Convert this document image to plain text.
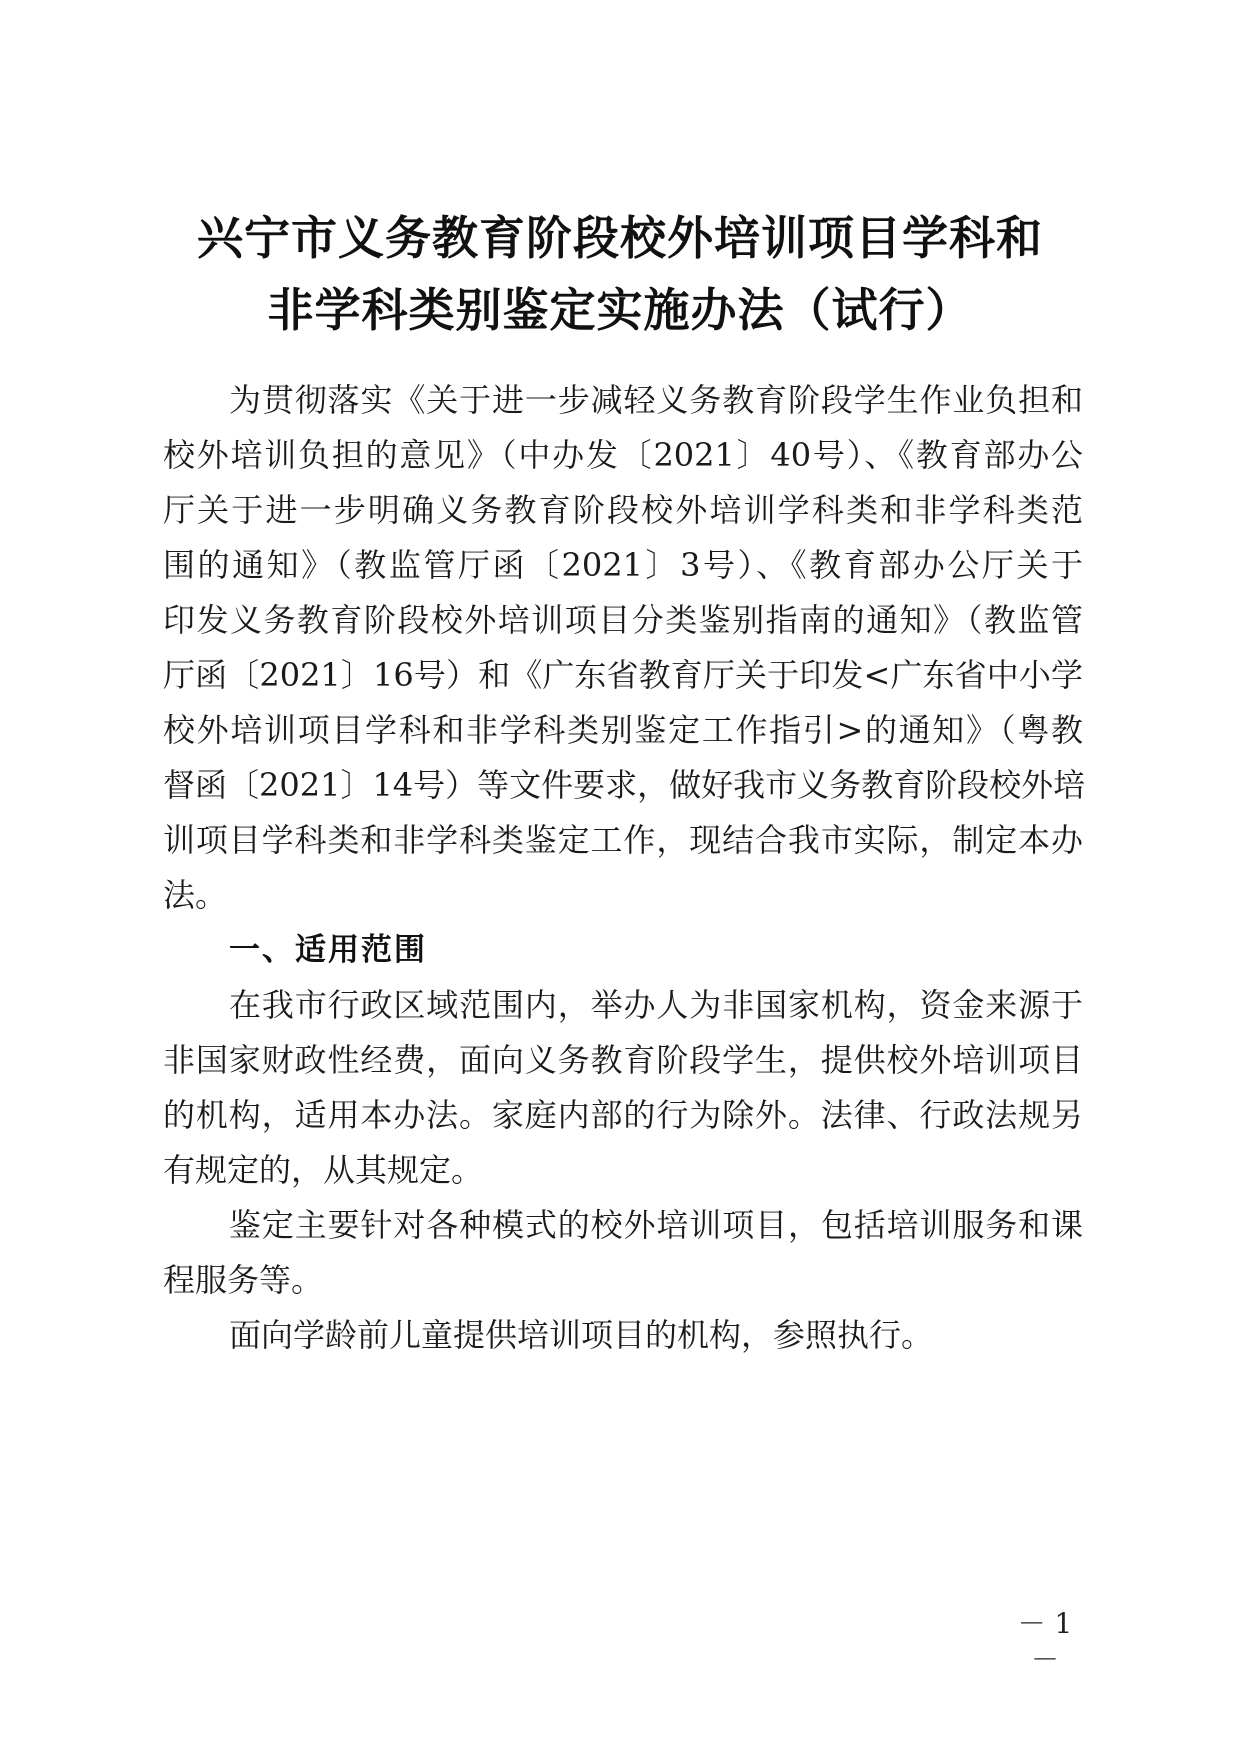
兴宁市义务教育阶段校外培训项目学科和
非学科类别鉴定实施办法（试行）
为贯彻落实《关于进一步减轻义务教育阶段学生作业负担和
校外培训负担的意见》（中办发〔2021〕40号）、《教育部办公
厅关于进一步明确义务教育阶段校外培训学科类和非学科类范
围的通知》（教监管厅函〔2021〕3号）、《教育部办公厅关于
印发义务教育阶段校外培训项目分类鉴别指南的通知》（教监管
厅函〔2021〕16号）和《广东省教育厅关于印发<广东省中小学
校外培训项目学科和非学科类别鉴定工作指引>的通知》（粤教
督函〔2021〕14号）等文件要求，做好我市义务教育阶段校外培
训项目学科类和非学科类鉴定工作，现结合我市实际，制定本办
法。
一、适用范围
在我市行政区域范围内，举办人为非国家机构，资金来源于
非国家财政性经费，面向义务教育阶段学生，提供校外培训项目
的机构，适用本办法。家庭内部的行为除外。法律、行政法规另
有规定的，从其规定。
鉴定主要针对各种模式的校外培训项目，包括培训服务和课
程服务等。
面向学龄前儿童提供培训项目的机构，参照执行。
－ 1 －
